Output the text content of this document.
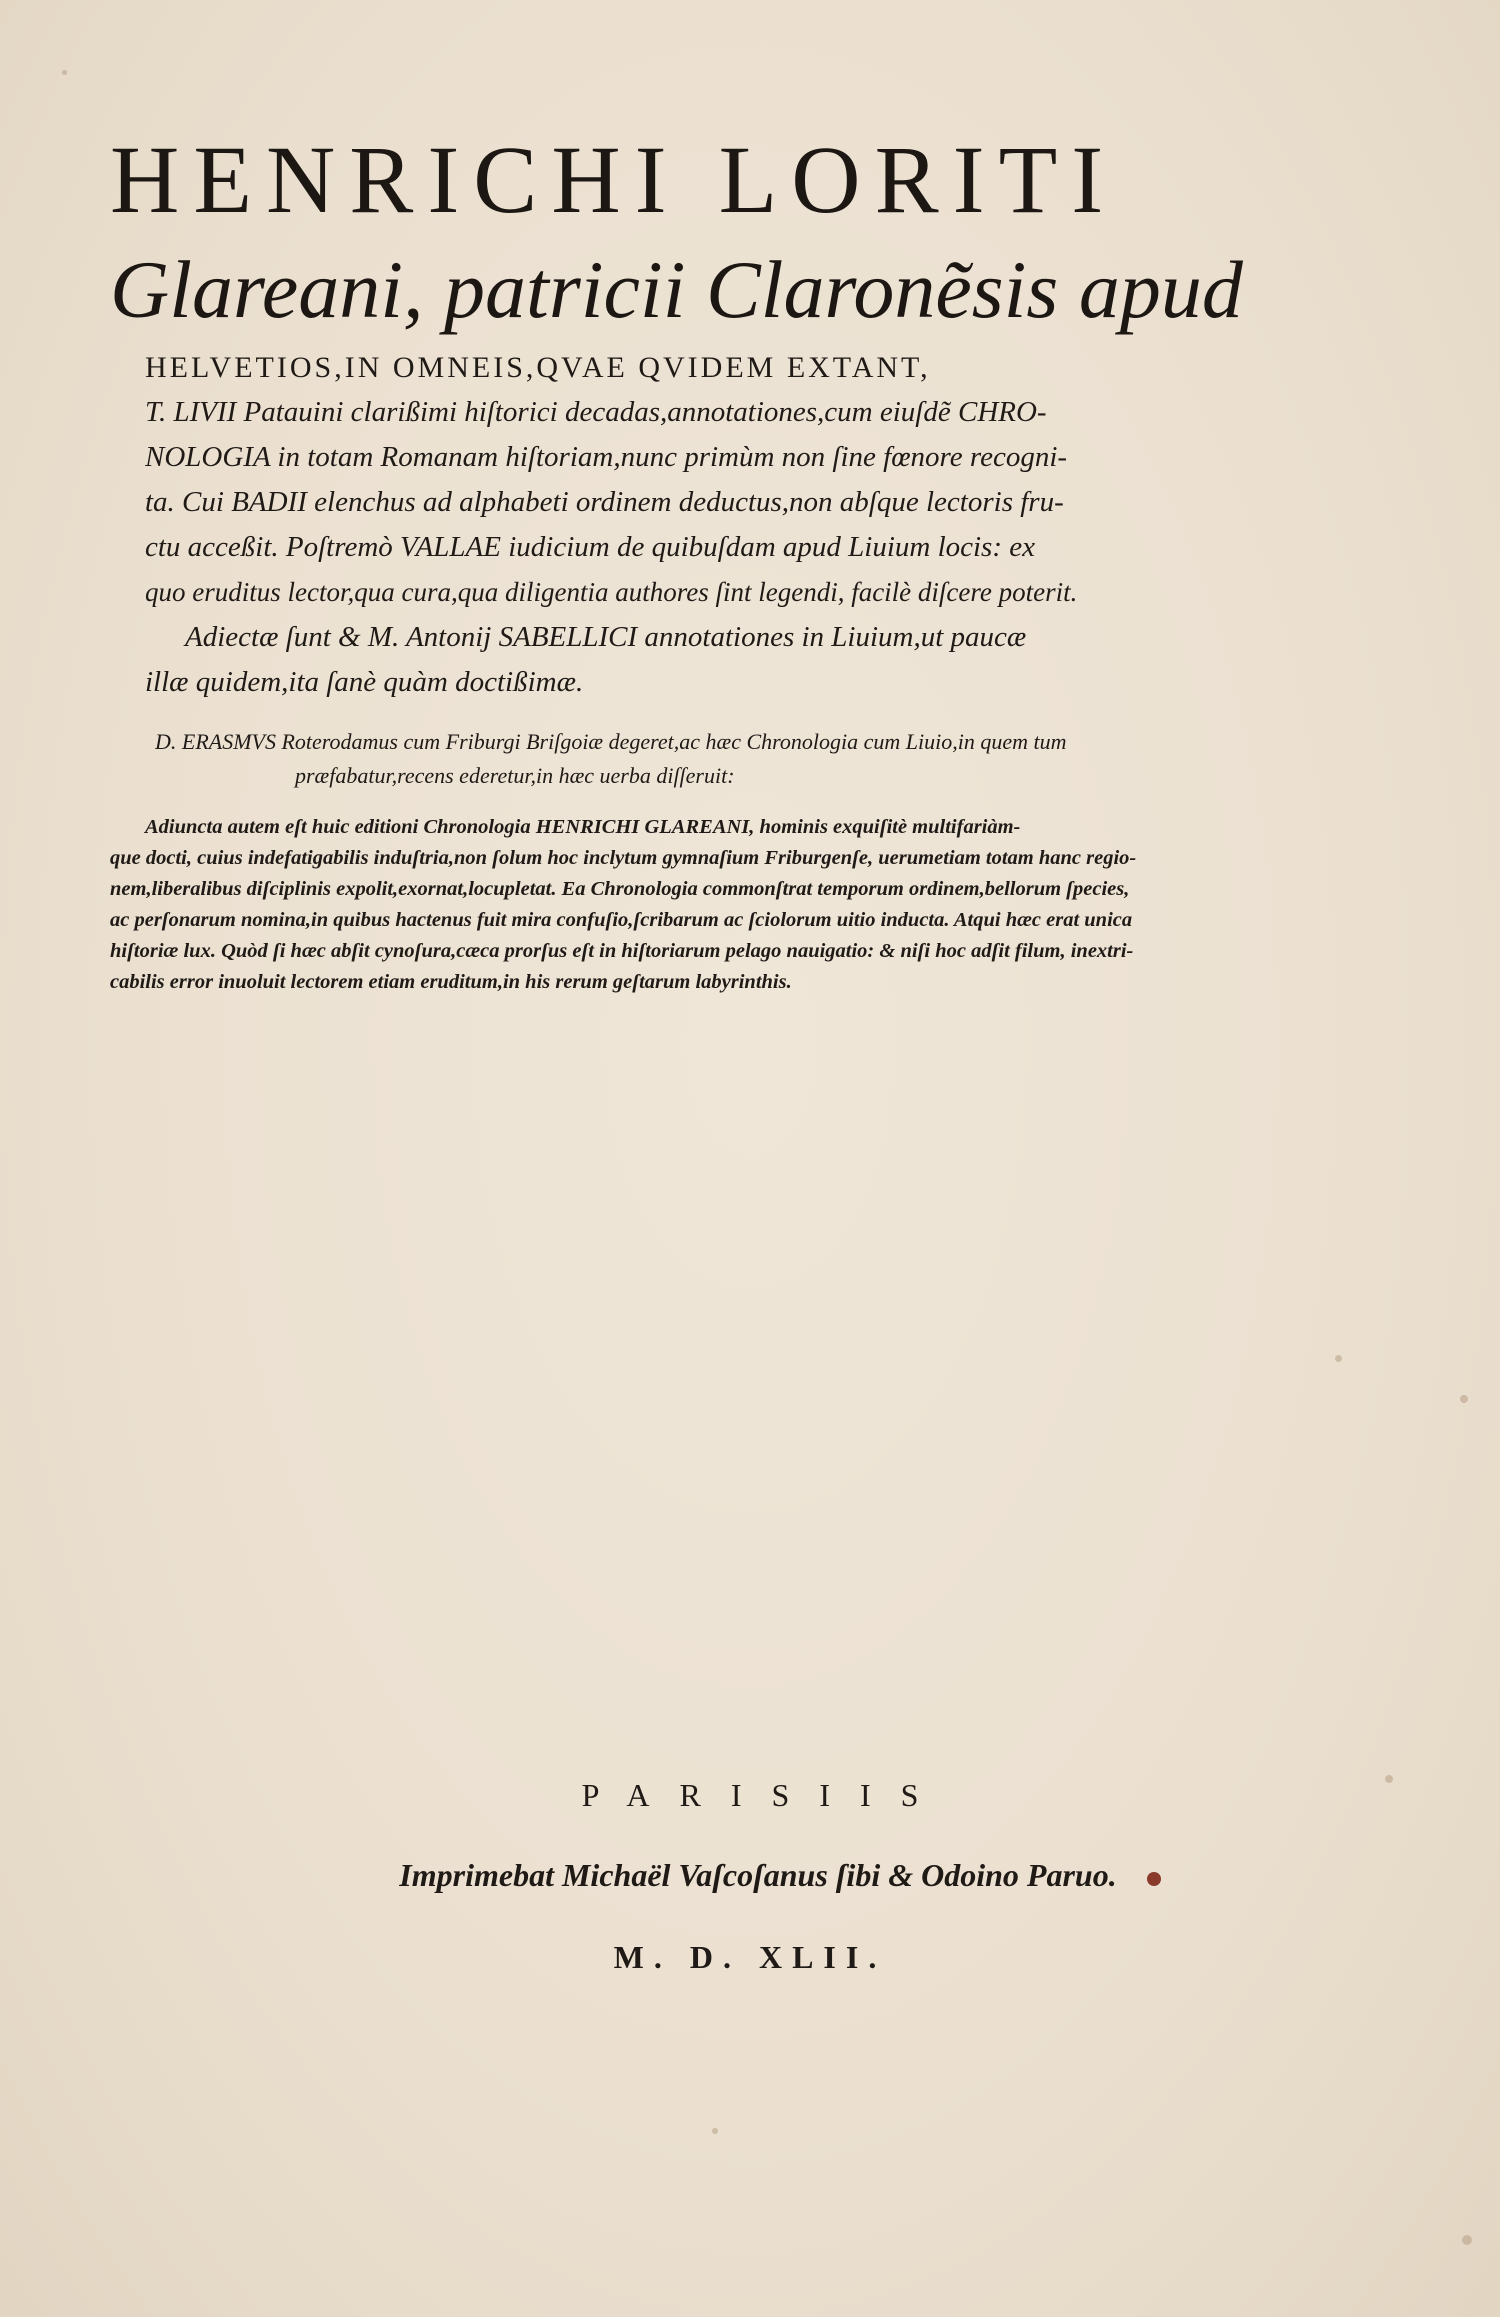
HENRICHI LORITI
Glareani, patricii Claronẽsis apud
HELVETIOS,IN OMNEIS,QVAE QVIDEM EXTANT,
T. LIVII Patauini clarißimi hiſtorici decadas,annotationes,cum eiuſdẽ CHRO-
NOLOGIA in totam Romanam hiſtoriam,nunc primùm non ſine fœnore recogni-
ta. Cui BADII elenchus ad alphabeti ordinem deductus,non abſque lectoris fru-
ctu acceßit. Poſtremò VALLAE iudicium de quibuſdam apud Liuium locis: ex
quo eruditus lector,qua cura,qua diligentia authores ſint legendi, facilè diſcere poterit.
Adiectæ ſunt & M. Antonij SABELLICI annotationes in Liuium,ut paucæ
illæ quidem,ita ſanè quàm doctißimæ.
D. ERASMVS Roterodamus cum Friburgi Briſgoiæ degeret,ac hæc Chronologia cum Liuio,in quem tum
præfabatur,recens ederetur,in hæc uerba diſſeruit:
Adiuncta autem eſt huic editioni Chronologia HENRICHI GLAREANI, hominis exquiſitè multifariàm-
que docti, cuius indefatigabilis induſtria,non ſolum hoc inclytum gymnaſium Friburgenſe, uerumetiam totam hanc regio-
nem,liberalibus diſciplinis expolit,exornat,locupletat. Ea Chronologia commonſtrat temporum ordinem,bellorum ſpecies,
ac perſonarum nomina,in quibus hactenus fuit mira confuſio,ſcribarum ac ſciolorum uitio inducta. Atqui hæc erat unica
hiſtoriæ lux. Quòd ſi hæc abſit cynoſura,cæca prorſus eſt in hiſtoriarum pelago nauigatio: & niſi hoc adſit filum, inextri-
cabilis error inuoluit lectorem etiam eruditum,in his rerum geſtarum labyrinthis.
PARISIIS
Imprimebat Michaël Vaſcoſanus ſibi & Odoino Paruo.
M. D. XLII.
